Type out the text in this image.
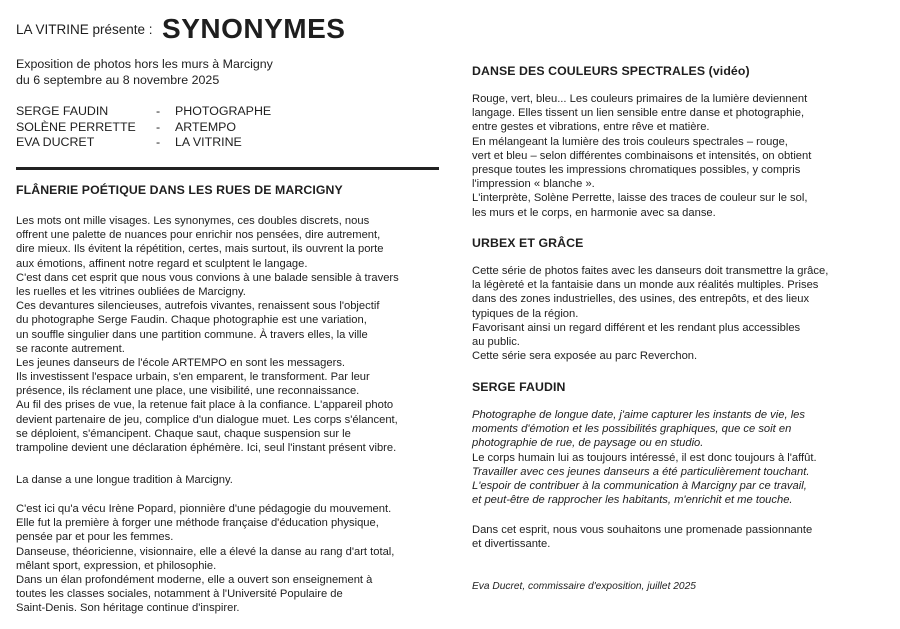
$^{LA VITRINE présente :}$ SYNONYMES
Exposition de photos hors les murs à Marcigny
du 6 septembre au 8 novembre 2025
SERGE FAUDIN	-	PHOTOGRAPHE
SOLÈNE PERRETTE	-	ARTEMPO
EVA DUCRET	-	LA VITRINE
FLÂNERIE POÉTIQUE DANS LES RUES DE MARCIGNY
Les mots ont mille visages. Les synonymes, ces doubles discrets, nous
offrent une palette de nuances pour enrichir nos pensées, dire autrement,
dire mieux. Ils évitent la répétition, certes, mais surtout, ils ouvrent la porte
aux émotions, affinent notre regard et sculptent le langage.
C'est dans cet esprit que nous vous convions à une balade sensible à travers
les ruelles et les vitrines oubliées de Marcigny.
Ces devantures silencieuses, autrefois vivantes, renaissent sous l'objectif
du photographe Serge Faudin. Chaque photographie est une variation,
un souffle singulier dans une partition commune. À travers elles, la ville
se raconte autrement.
Les jeunes danseurs de l'école ARTEMPO en sont les messagers.
Ils investissent l'espace urbain, s'en emparent, le transforment. Par leur
présence, ils réclament une place, une visibilité, une reconnaissance.
Au fil des prises de vue, la retenue fait place à la confiance. L'appareil photo
devient partenaire de jeu, complice d'un dialogue muet. Les corps s'élancent,
se déploient, s'émancipent. Chaque saut, chaque suspension sur le
trampoline devient une déclaration éphémère. Ici, seul l'instant présent vibre.
La danse a une longue tradition à Marcigny.
C'est ici qu'a vécu Irène Popard, pionnière d'une pédagogie du mouvement.
Elle fut la première à forger une méthode française d'éducation physique,
pensée par et pour les femmes.
Danseuse, théoricienne, visionnaire, elle a élevé la danse au rang d'art total,
mêlant sport, expression, et philosophie.
Dans un élan profondément moderne, elle a ouvert son enseignement à
toutes les classes sociales, notamment à l'Université Populaire de
Saint-Denis. Son héritage continue d'inspirer.
DANSE DES COULEURS SPECTRALES (vidéo)
Rouge, vert, bleu... Les couleurs primaires de la lumière deviennent
langage. Elles tissent un lien sensible entre danse et photographie,
entre gestes et vibrations, entre rêve et matière.
En mélangeant la lumière des trois couleurs spectrales – rouge,
vert et bleu – selon différentes combinaisons et intensités, on obtient
presque toutes les impressions chromatiques possibles, y compris
l'impression « blanche ».
L'interprète, Solène Perrette, laisse des traces de couleur sur le sol,
les murs et le corps, en harmonie avec sa danse.
URBEX ET GRÂCE
Cette série de photos faites avec les danseurs doit transmettre la grâce,
la légèreté et la fantaisie dans un monde aux réalités multiples. Prises
dans des zones industrielles, des usines, des entrepôts, et des lieux
typiques de la région.
Favorisant ainsi un regard différent et les rendant plus accessibles
au public.
Cette série sera exposée au parc Reverchon.
SERGE FAUDIN
Photographe de longue date, j'aime capturer les instants de vie, les
moments d'émotion et les possibilités graphiques, que ce soit en
photographie de rue, de paysage ou en studio.
Le corps humain lui as toujours intéressé, il est donc toujours à l'affût.
Travailler avec ces jeunes danseurs a été particulièrement touchant.
L'espoir de contribuer à la communication à Marcigny par ce travail,
et peut-être de rapprocher les habitants, m'enrichit et me touche.
Dans cet esprit, nous vous souhaitons une promenade passionnante
et divertissante.
Eva Ducret, commissaire d'exposition, juillet 2025
